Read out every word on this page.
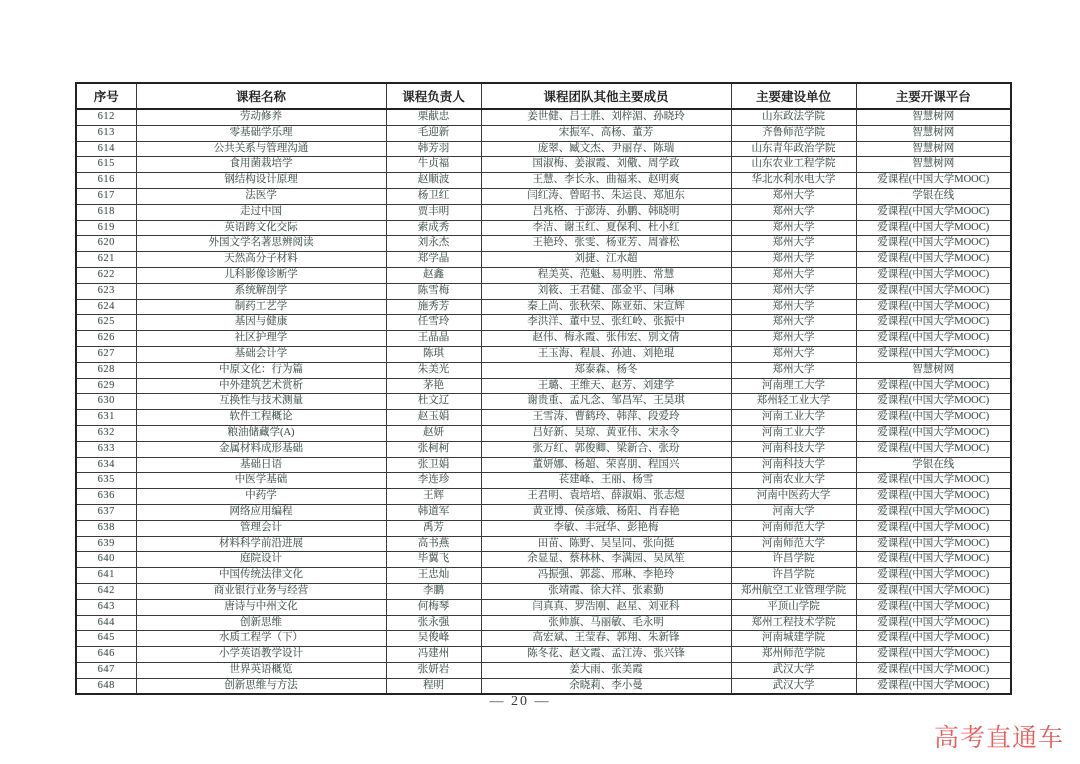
序号	课程名称	课程负责人	课程团队其他主要成员	主要建设单位	主要开课平台
612	劳动修养	栗献忠	姜世健、吕士胜、刘梓湄、孙晓玲	山东政法学院	智慧树网
613	零基础学乐理	毛迎新	宋振军、高杨、董芳	齐鲁师范学院	智慧树网
614	公共关系与管理沟通	韩芳羽	庞翠、臧文杰、尹丽存、陈瑞	山东青年政治学院	智慧树网
615	食用菌栽培学	牛贞福	国淑梅、姜淑霞、刘儆、周学政	山东农业工程学院	智慧树网
616	钢结构设计原理	赵顺波	王慧、李长永、曲福来、赵明爽	华北水利水电大学	爱课程(中国大学MOOC)
617	法医学	杨卫红	闫红涛、曾昭书、朱运良、郑旭东	郑州大学	学银在线
618	走过中国	贾丰明	吕兆格、于澎涛、孙鹏、韩晓明	郑州大学	爱课程(中国大学MOOC)
619	英语跨文化交际	索成秀	李洁、谢玉红、夏保利、杜小红	郑州大学	爱课程(中国大学MOOC)
620	外国文学名著思辨阅读	刘永杰	王艳玲、张雯、杨亚芳、周睿松	郑州大学	爱课程(中国大学MOOC)
621	天然高分子材料	郑学晶	刘捷、江水超	郑州大学	爱课程(中国大学MOOC)
622	儿科影像诊断学	赵鑫	程美英、范魁、易明胜、常慧	郑州大学	爱课程(中国大学MOOC)
623	系统解剖学	陈雪梅	刘筱、王君健、邵金平、闫琳	郑州大学	爱课程(中国大学MOOC)
624	制药工艺学	施秀芳	秦上尚、张秋荣、陈亚茹、宋宣辉	郑州大学	爱课程(中国大学MOOC)
625	基因与健康	任雪玲	李洪洋、董中昱、张红岭、张振中	郑州大学	爱课程(中国大学MOOC)
626	社区护理学	王晶晶	赵伟、梅永霞、张伟宏、别文倩	郑州大学	爱课程(中国大学MOOC)
627	基础会计学	陈琪	王玉海、程晨、孙迪、刘艳琨	郑州大学	爱课程(中国大学MOOC)
628	中原文化：行为篇	朱美光	郑泰森、杨冬	郑州大学	智慧树网
629	中外建筑艺术赏析	茅艳	王璐、王维天、赵芳、刘建学	河南理工大学	爱课程(中国大学MOOC)
630	互换性与技术测量	杜文辽	谢贵重、孟凡念、邹昌军、王昊琪	郑州轻工业大学	爱课程(中国大学MOOC)
631	软件工程概论	赵玉娟	王雪涛、曹鹤玲、韩萍、段爱玲	河南工业大学	爱课程(中国大学MOOC)
632	粮油储藏学(A)	赵妍	吕好新、吴琼、黄亚伟、宋永令	河南工业大学	爱课程(中国大学MOOC)
633	金属材料成形基础	张柯柯	张万红、郭俊卿、梁新合、张玢	河南科技大学	爱课程(中国大学MOOC)
634	基础日语	张卫娟	董妍娜、杨超、荣喜朋、程国兴	河南科技大学	学银在线
635	中医学基础	李连珍	苌建峰、王丽、杨雪	河南农业大学	爱课程(中国大学MOOC)
636	中药学	王辉	王君明、袁培培、薛淑娟、张志煜	河南中医药大学	爱课程(中国大学MOOC)
637	网络应用编程	韩道军	黄亚博、侯彦娥、杨阳、肖春艳	河南大学	爱课程(中国大学MOOC)
638	管理会计	禹芳	李敏、丰冠华、彭艳梅	河南师范大学	爱课程(中国大学MOOC)
639	材料科学前沿进展	高书燕	田苗、陈野、吴呈同、张向挺	河南师范大学	爱课程(中国大学MOOC)
640	庭院设计	毕翼飞	余显显、蔡林林、李满园、吴凤笙	许昌学院	爱课程(中国大学MOOC)
641	中国传统法律文化	王忠灿	冯振强、郭蕊、邢琳、李艳玲	许昌学院	爱课程(中国大学MOOC)
642	商业银行业务与经营	李鹏	张靖霞、徐大祥、张素勤	郑州航空工业管理学院	爱课程(中国大学MOOC)
643	唐诗与中州文化	何梅琴	闫真真、罗浩刚、赵星、刘亚科	平顶山学院	爱课程(中国大学MOOC)
644	创新思维	张永强	张帅旗、马丽敏、毛永明	郑州工程技术学院	爱课程(中国大学MOOC)
645	水质工程学（下）	吴俊峰	高宏斌、王莹春、郭翔、朱新锋	河南城建学院	爱课程(中国大学MOOC)
646	小学英语教学设计	冯建州	陈冬花、赵文霞、孟江涛、张兴锋	郑州师范学院	爱课程(中国大学MOOC)
647	世界英语概览	张妍岩	姜大雨、张美霞	武汉大学	爱课程(中国大学MOOC)
648	创新思维与方法	程明	余晓莉、李小曼	武汉大学	爱课程(中国大学MOOC)
— 20 —
高考直通车
